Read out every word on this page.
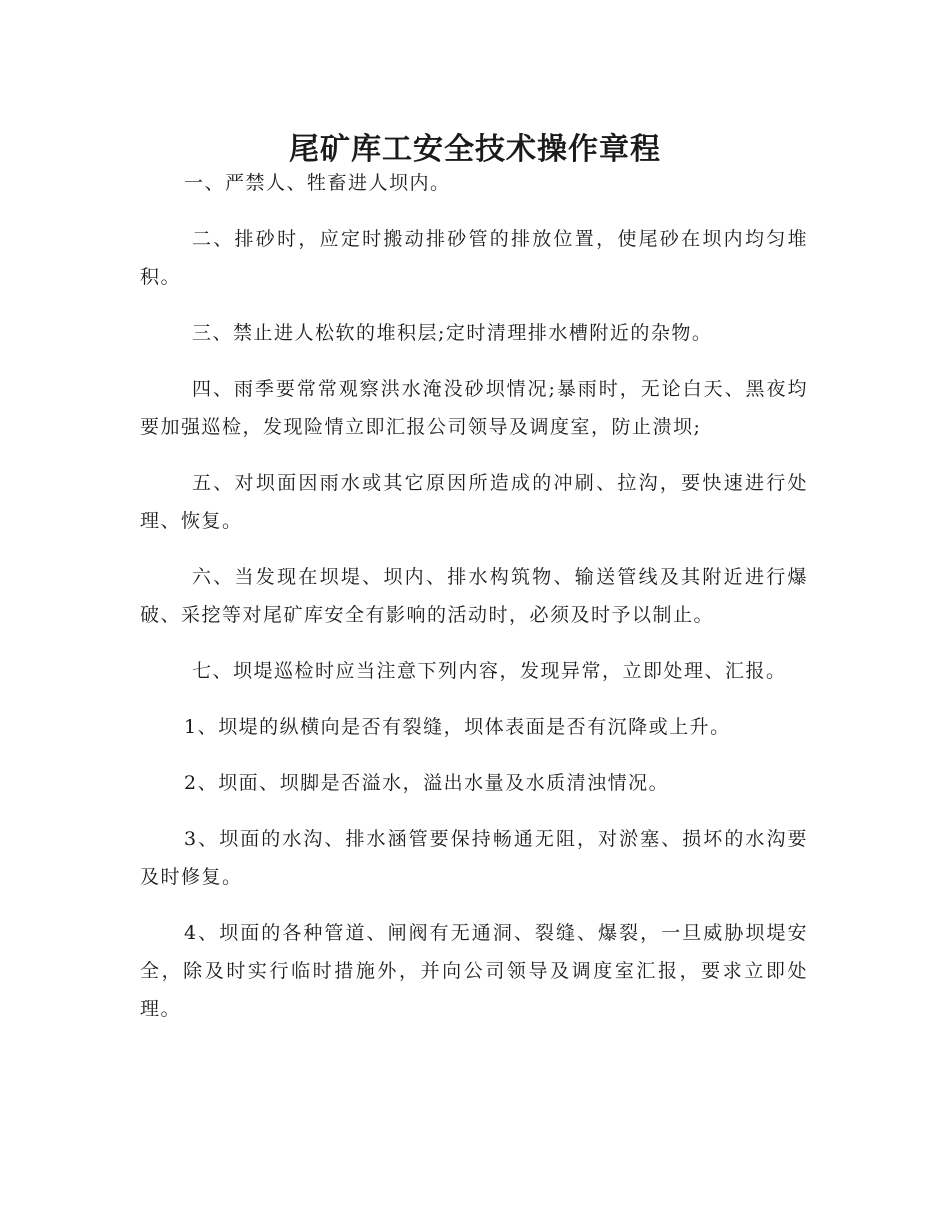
尾矿库工安全技术操作章程

一、严禁人、牲畜进人坝内。

二、排砂时，应定时搬动排砂管的排放位置，使尾砂在坝内均匀堆积。

三、禁止进人松软的堆积层;定时清理排水槽附近的杂物。

四、雨季要常常观察洪水淹没砂坝情况;暴雨时，无论白天、黑夜均要加强巡检，发现险情立即汇报公司领导及调度室，防止溃坝;

五、对坝面因雨水或其它原因所造成的冲刷、拉沟，要快速进行处理、恢复。

六、当发现在坝堤、坝内、排水构筑物、输送管线及其附近进行爆破、采挖等对尾矿库安全有影响的活动时，必须及时予以制止。

七、坝堤巡检时应当注意下列内容，发现异常，立即处理、汇报。

1、坝堤的纵横向是否有裂缝，坝体表面是否有沉降或上升。

2、坝面、坝脚是否溢水，溢出水量及水质清浊情况。

3、坝面的水沟、排水涵管要保持畅通无阻，对淤塞、损坏的水沟要及时修复。

4、坝面的各种管道、闸阀有无通洞、裂缝、爆裂，一旦威胁坝堤安全，除及时实行临时措施外，并向公司领导及调度室汇报，要求立即处理。
